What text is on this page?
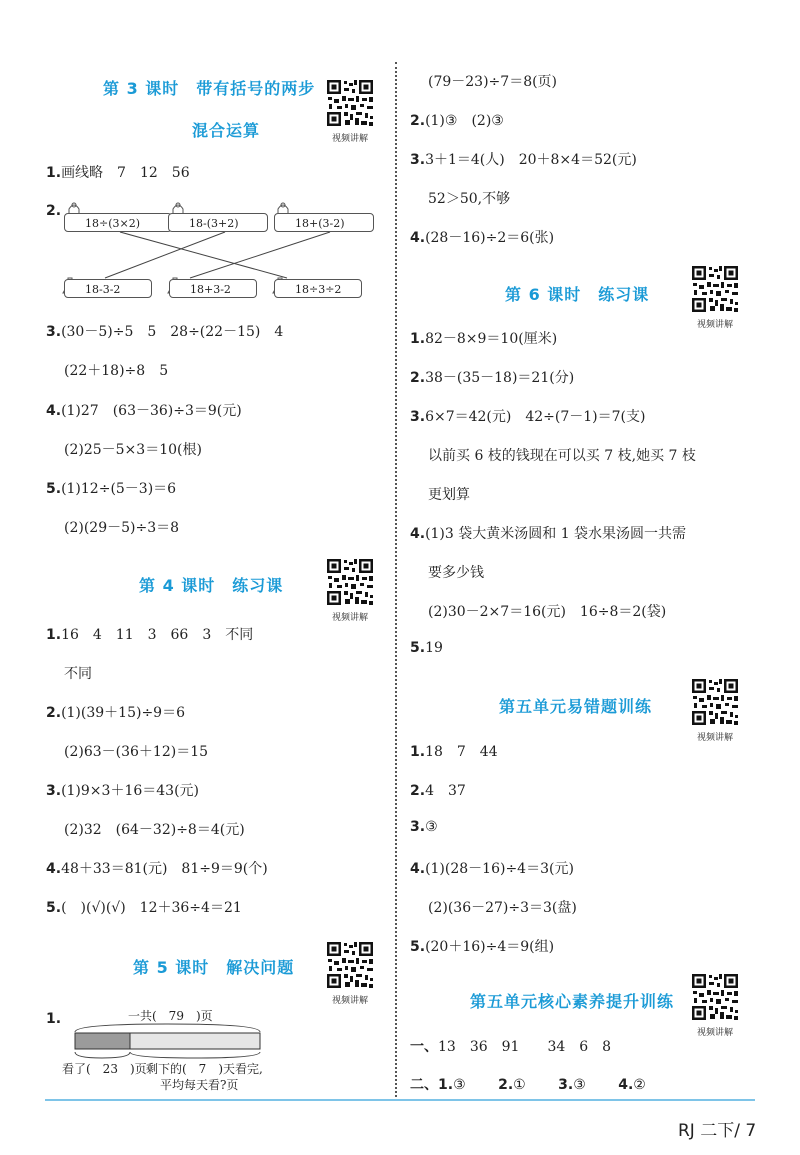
第 3 课时　带有括号的两步
混合运算	视频讲解
1.画线略　7　12　56
2.
18÷(3×2)	18-(3+2)	18+(3-2)
18-3-2	18+3-2	18÷3÷2
3.(30－5)÷5　5　28÷(22－15)　4
(22＋18)÷8　5
4.(1)27　(63－36)÷3＝9(元)
(2)25－5×3＝10(根)
5.(1)12÷(5－3)＝6
(2)(29－5)÷3＝8
第 4 课时　练习课
视频讲解
1.16　4　11　3　66　3　不同
不同
2.(1)(39＋15)÷9＝6
(2)63－(36＋12)＝15
3.(1)9×3＋16＝43(元)
(2)32　(64－32)÷8＝4(元)
4.48＋33＝81(元)　81÷9＝9(个)
5.(　)(√)(√)　12＋36÷4＝21
第 5 课时　解决问题
视频讲解
1.	一共(　79　)页
看了(　23　)页 剩下的(　7　)天看完,
平均每天看?页
(79－23)÷7＝8(页)
2.(1)③　(2)③
3.3＋1＝4(人)　20＋8×4＝52(元)
52＞50,不够
4.(28－16)÷2＝6(张)
第 6 课时　练习课
视频讲解
1.82－8×9＝10(厘米)
2.38－(35－18)＝21(分)
3.6×7＝42(元)　42÷(7－1)＝7(支)
以前买 6 枝的钱现在可以买 7 枝,她买 7 枝
更划算
4.(1)3 袋大黄米汤圆和 1 袋水果汤圆一共需
要多少钱
(2)30－2×7＝16(元)　16÷8＝2(袋)
5.19
第五单元易错题训练
视频讲解
1.18　7　44
2.4　37
3.③
4.(1)(28－16)÷4＝3(元)
(2)(36－27)÷3＝3(盘)
5.(20＋16)÷4＝9(组)
第五单元核心素养提升训练
视频讲解
一、13　36　91　　34　6　8
二、1.③ 2.① 3.③ 4.②
RJ 二下/ 7
